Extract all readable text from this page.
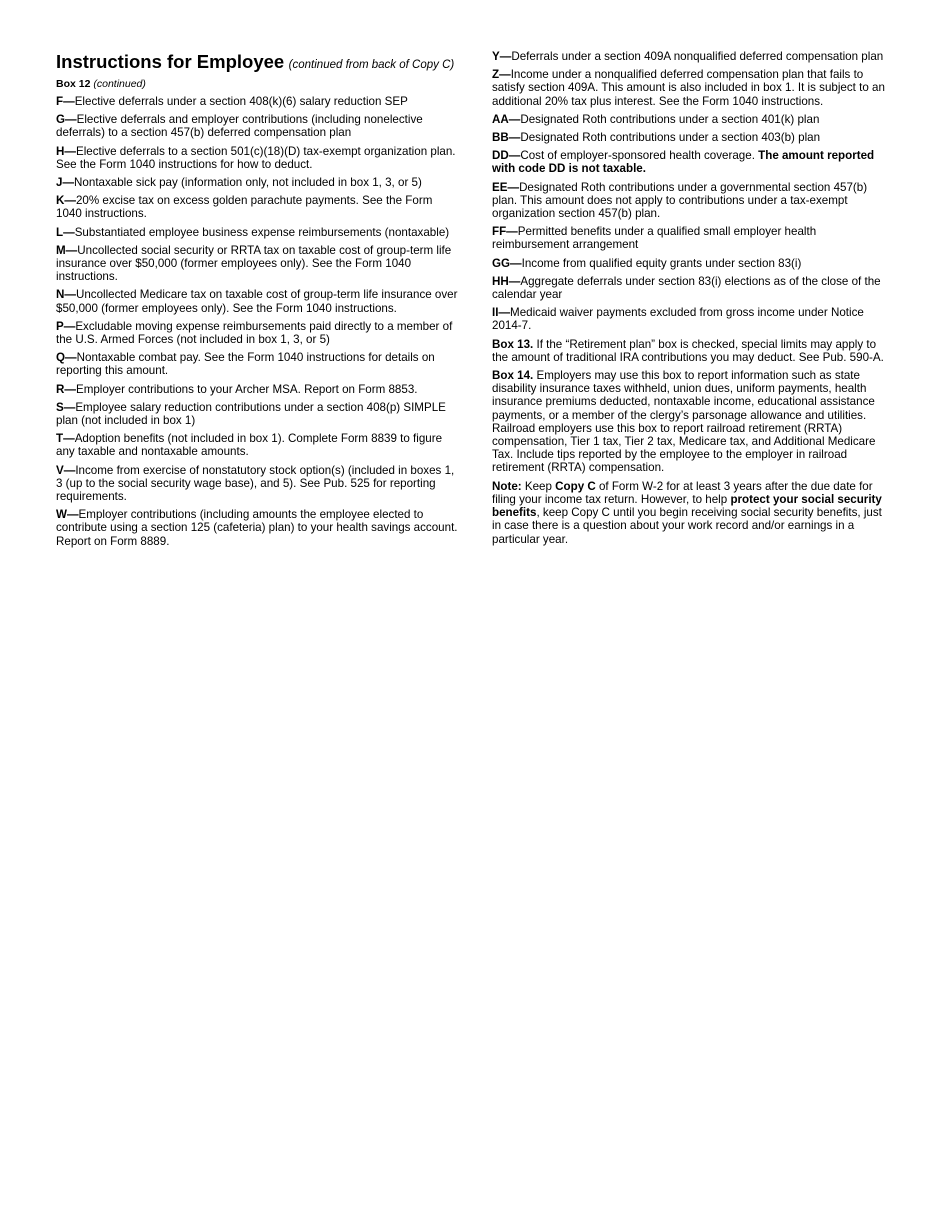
Instructions for Employee (continued from back of Copy C)

Box 12 (continued)

F—Elective deferrals under a section 408(k)(6) salary reduction SEP

G—Elective deferrals and employer contributions (including nonelective deferrals) to a section 457(b) deferred compensation plan

H—Elective deferrals to a section 501(c)(18)(D) tax-exempt organization plan. See the Form 1040 instructions for how to deduct.

J—Nontaxable sick pay (information only, not included in box 1, 3, or 5)

K—20% excise tax on excess golden parachute payments. See the Form 1040 instructions.

L—Substantiated employee business expense reimbursements (nontaxable)

M—Uncollected social security or RRTA tax on taxable cost of group-term life insurance over $50,000 (former employees only). See the Form 1040 instructions.

N—Uncollected Medicare tax on taxable cost of group-term life insurance over $50,000 (former employees only). See the Form 1040 instructions.

P—Excludable moving expense reimbursements paid directly to a member of the U.S. Armed Forces (not included in box 1, 3, or 5)

Q—Nontaxable combat pay. See the Form 1040 instructions for details on reporting this amount.

R—Employer contributions to your Archer MSA. Report on Form 8853.

S—Employee salary reduction contributions under a section 408(p) SIMPLE plan (not included in box 1)

T—Adoption benefits (not included in box 1). Complete Form 8839 to figure any taxable and nontaxable amounts.

V—Income from exercise of nonstatutory stock option(s) (included in boxes 1, 3 (up to the social security wage base), and 5). See Pub. 525 for reporting requirements.

W—Employer contributions (including amounts the employee elected to contribute using a section 125 (cafeteria) plan) to your health savings account. Report on Form 8889.

Y—Deferrals under a section 409A nonqualified deferred compensation plan

Z—Income under a nonqualified deferred compensation plan that fails to satisfy section 409A. This amount is also included in box 1. It is subject to an additional 20% tax plus interest. See the Form 1040 instructions.

AA—Designated Roth contributions under a section 401(k) plan

BB—Designated Roth contributions under a section 403(b) plan

DD—Cost of employer-sponsored health coverage. The amount reported with code DD is not taxable.

EE—Designated Roth contributions under a governmental section 457(b) plan. This amount does not apply to contributions under a tax-exempt organization section 457(b) plan.

FF—Permitted benefits under a qualified small employer health reimbursement arrangement

GG—Income from qualified equity grants under section 83(i)

HH—Aggregate deferrals under section 83(i) elections as of the close of the calendar year

II—Medicaid waiver payments excluded from gross income under Notice 2014-7.

Box 13. If the “Retirement plan” box is checked, special limits may apply to the amount of traditional IRA contributions you may deduct. See Pub. 590-A.

Box 14. Employers may use this box to report information such as state disability insurance taxes withheld, union dues, uniform payments, health insurance premiums deducted, nontaxable income, educational assistance payments, or a member of the clergy’s parsonage allowance and utilities. Railroad employers use this box to report railroad retirement (RRTA) compensation, Tier 1 tax, Tier 2 tax, Medicare tax, and Additional Medicare Tax. Include tips reported by the employee to the employer in railroad retirement (RRTA) compensation.

Note: Keep Copy C of Form W-2 for at least 3 years after the due date for filing your income tax return. However, to help protect your social security benefits, keep Copy C until you begin receiving social security benefits, just in case there is a question about your work record and/or earnings in a particular year.
